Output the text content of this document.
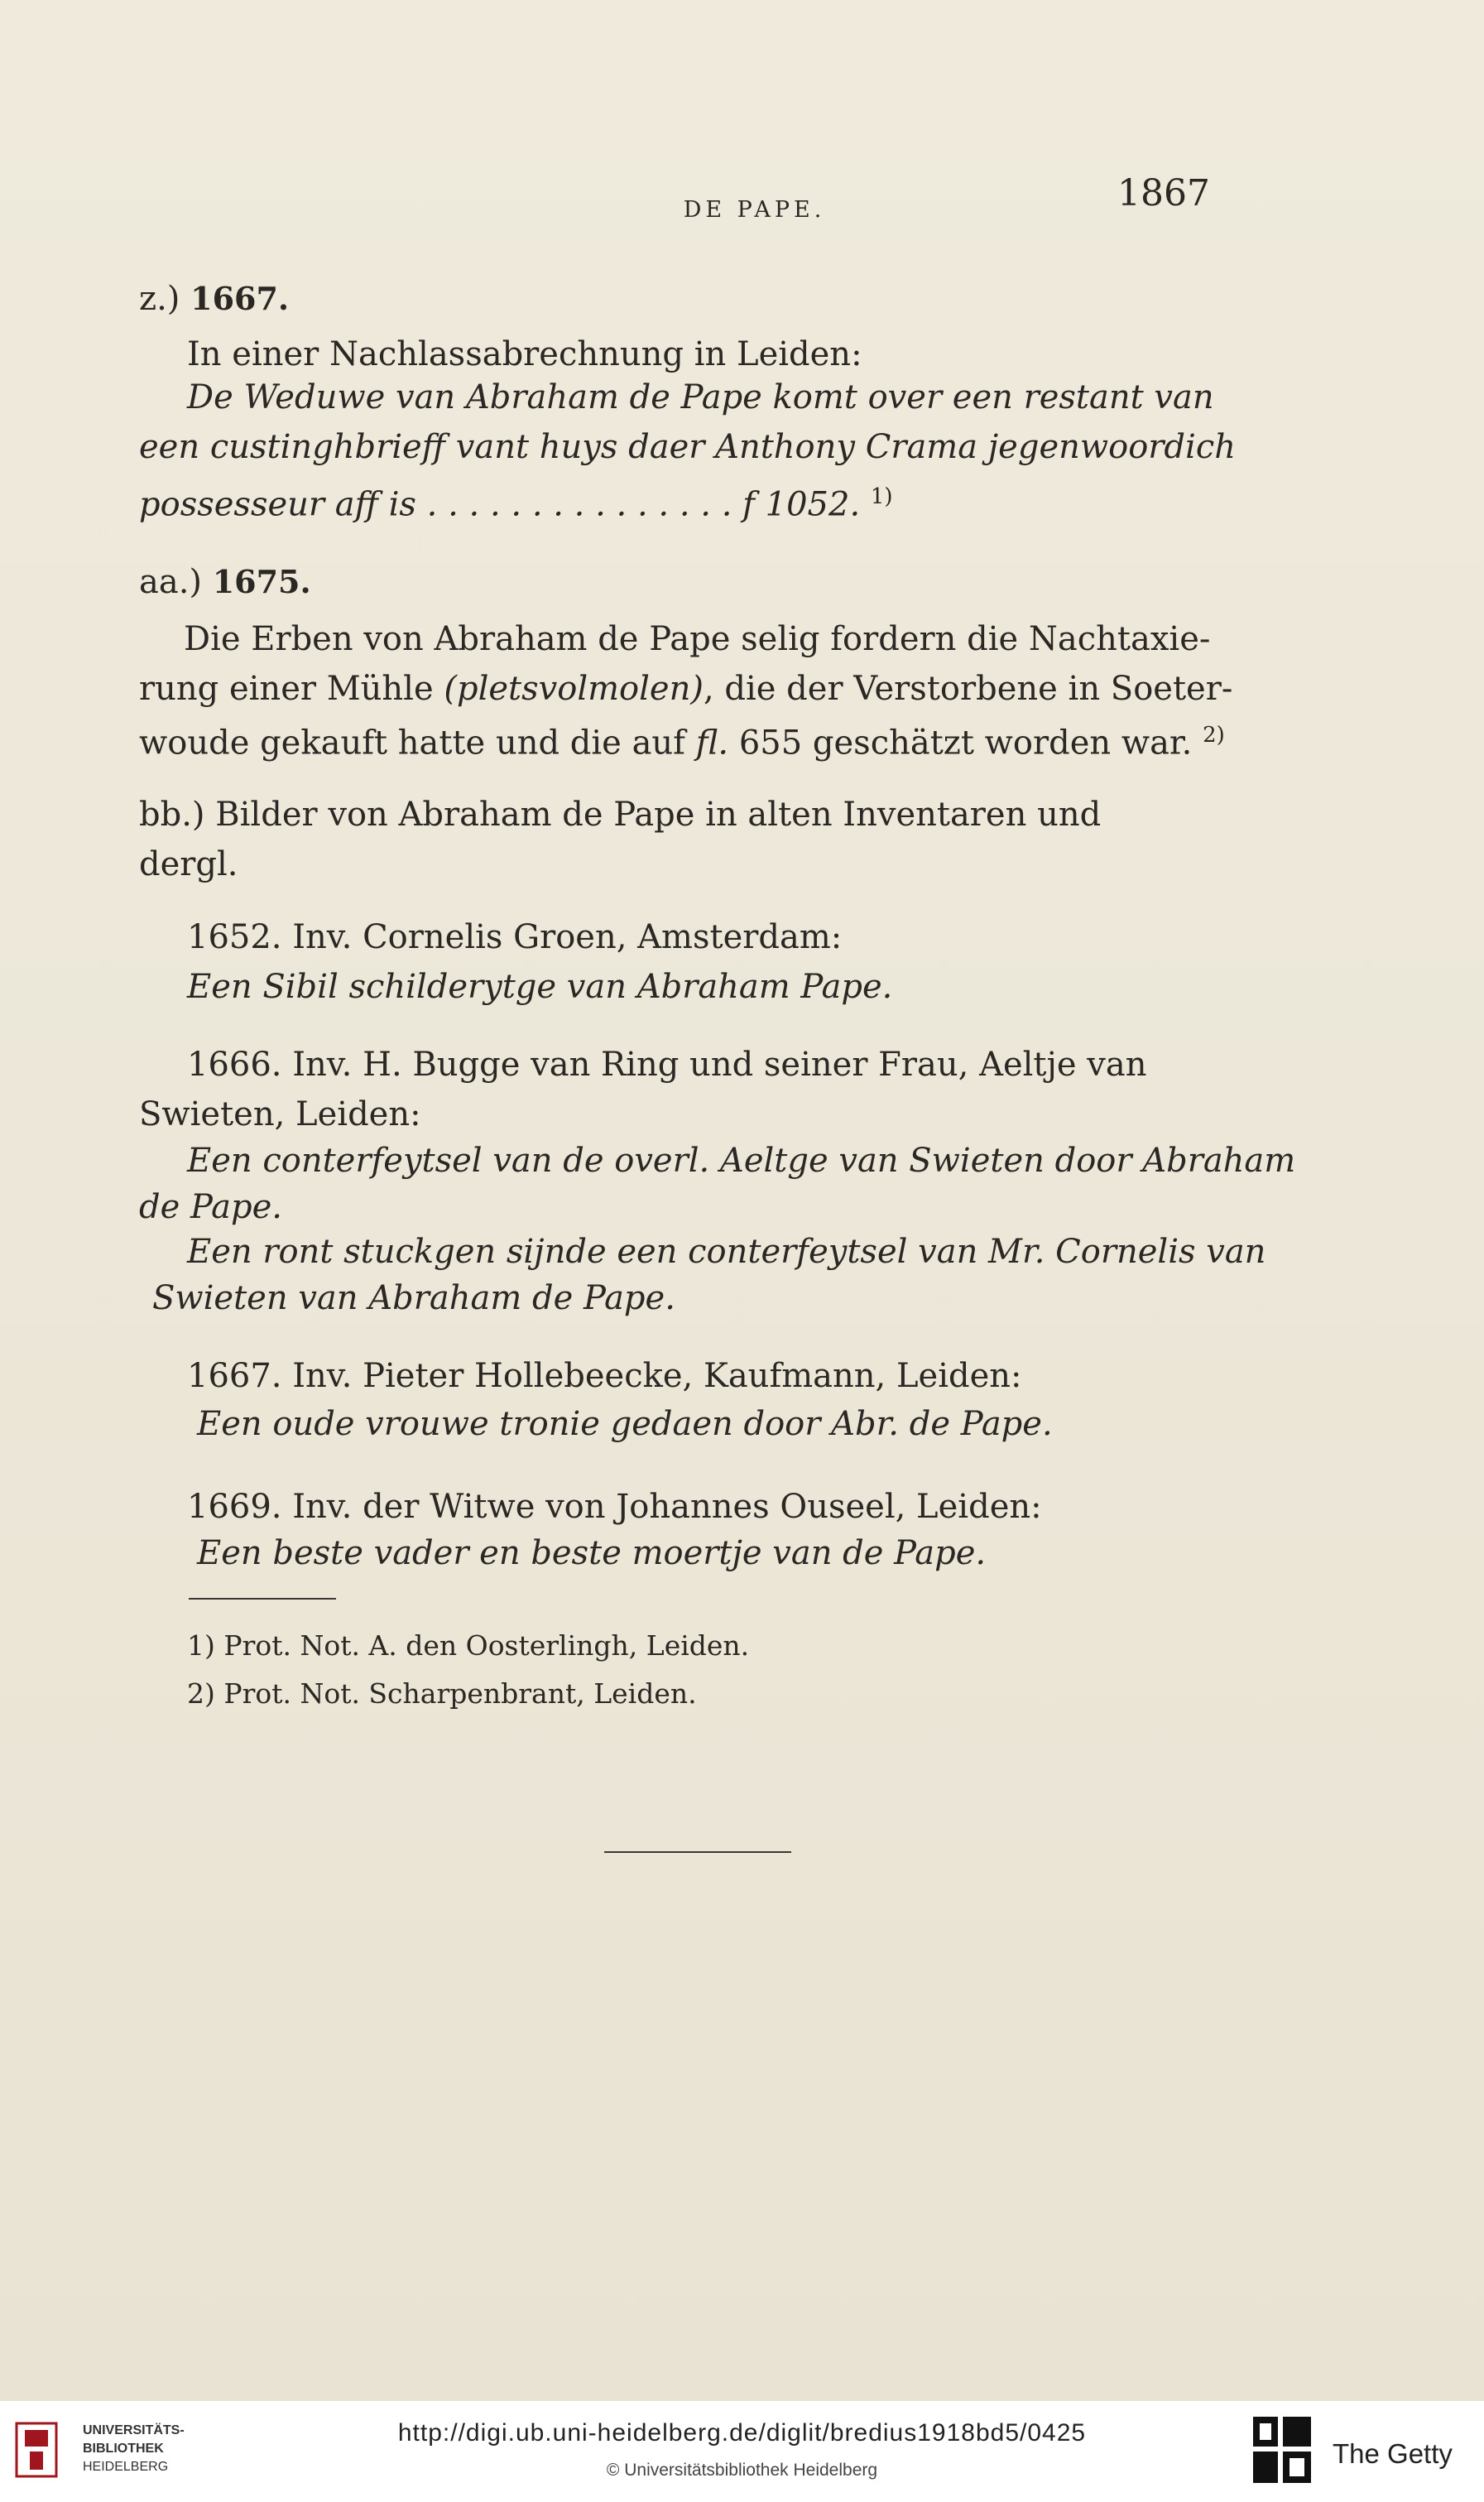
DE PAPE.	1867
z.) 1667.
In einer Nachlassabrechnung in Leiden:
De Weduwe van Abraham de Pape komt over een restant van
een custinghbrieff vant huys daer Anthony Crama jegenwoordich
possesseur aff is . . . . . . . . . . . . . . . f 1052. $^{1)}$
aa.) 1675.
Die Erben von Abraham de Pape selig fordern die Nachtaxie-
rung einer Mühle (pletsvolmolen), die der Verstorbene in Soeter-
woude gekauft hatte und die auf fl. 655 geschätzt worden war. $^{2)}$
bb.) Bilder von Abraham de Pape in alten Inventaren und
dergl.
1652. Inv. Cornelis Groen, Amsterdam:
Een Sibil schilderytge van Abraham Pape.
1666. Inv. H. Bugge van Ring und seiner Frau, Aeltje van
Swieten, Leiden:
Een conterfeytsel van de overl. Aeltge van Swieten door Abraham
de Pape.
Een ront stuckgen sijnde een conterfeytsel van Mr. Cornelis van
Swieten van Abraham de Pape.
1667. Inv. Pieter Hollebeecke, Kaufmann, Leiden:
Een oude vrouwe tronie gedaen door Abr. de Pape.
1669. Inv. der Witwe von Johannes Ouseel, Leiden:
Een beste vader en beste moertje van de Pape.
1) Prot. Not. A. den Oosterlingh, Leiden.
2) Prot. Not. Scharpenbrant, Leiden.
UNIVERSITÄTS-
BIBLIOTHEK
HEIDELBERG
http://digi.ub.uni-heidelberg.de/diglit/bredius1918bd5/0425
© Universitätsbibliothek Heidelberg
The Getty
